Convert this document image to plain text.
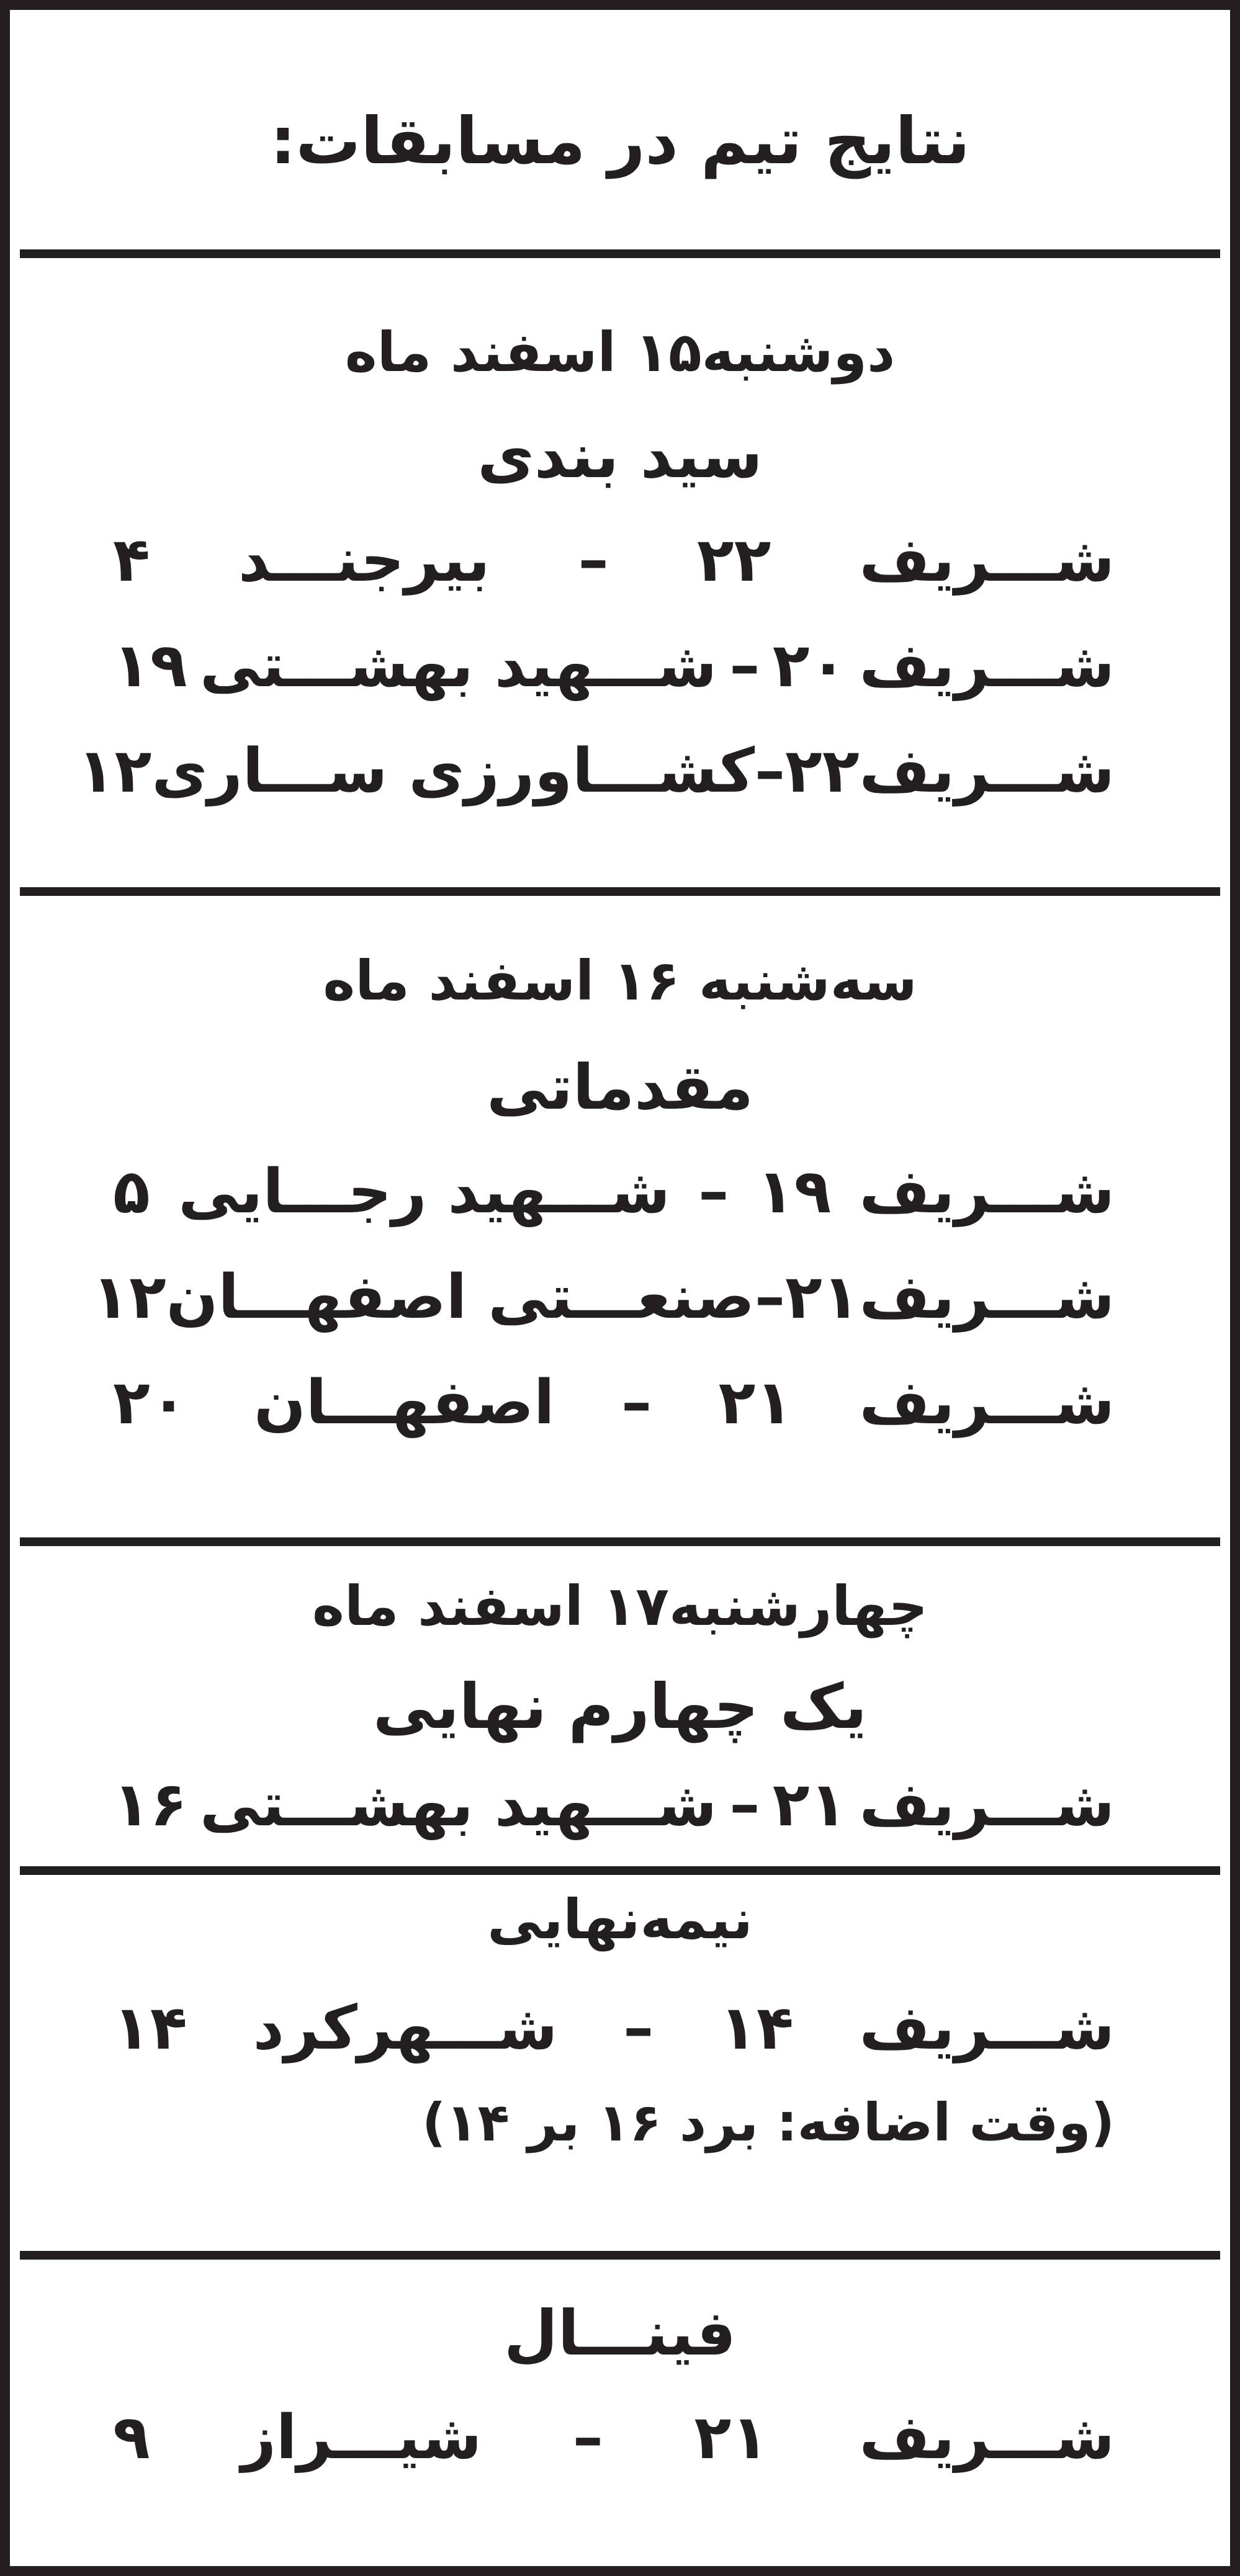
نتایج تیم در مسابقات:
دوشنبه۱۵ اسفند ماه
سید بندی
شـــریف
۲۲
–
بیرجنـــد
۴
شـــریف
۲۰
–
شـــهید بهشـــتی
۱۹
شـــریف
۲۲
–
کشـــاورزی ســـاری
۱۲
سه‌شنبه ۱۶ اسفند ماه
مقدماتی
شـــریف
۱۹
–
شـــهید رجـــایی
۵
شـــریف
۲۱
–
صنعـــتی اصفهـــان
۱۲
شـــریف
۲۱
–
اصفهـــان
۲۰
چهارشنبه۱۷ اسفند ماه
یک چهارم نهایی
شـــریف
۲۱
–
شـــهید بهشـــتی
۱۶
نیمه‌نهایی
شـــریف
۱۴
–
شـــهرکرد
۱۴
(وقت اضافه: برد ۱۶ بر ۱۴)
فینـــال
شـــریف
۲۱
–
شیـــراز
۹
